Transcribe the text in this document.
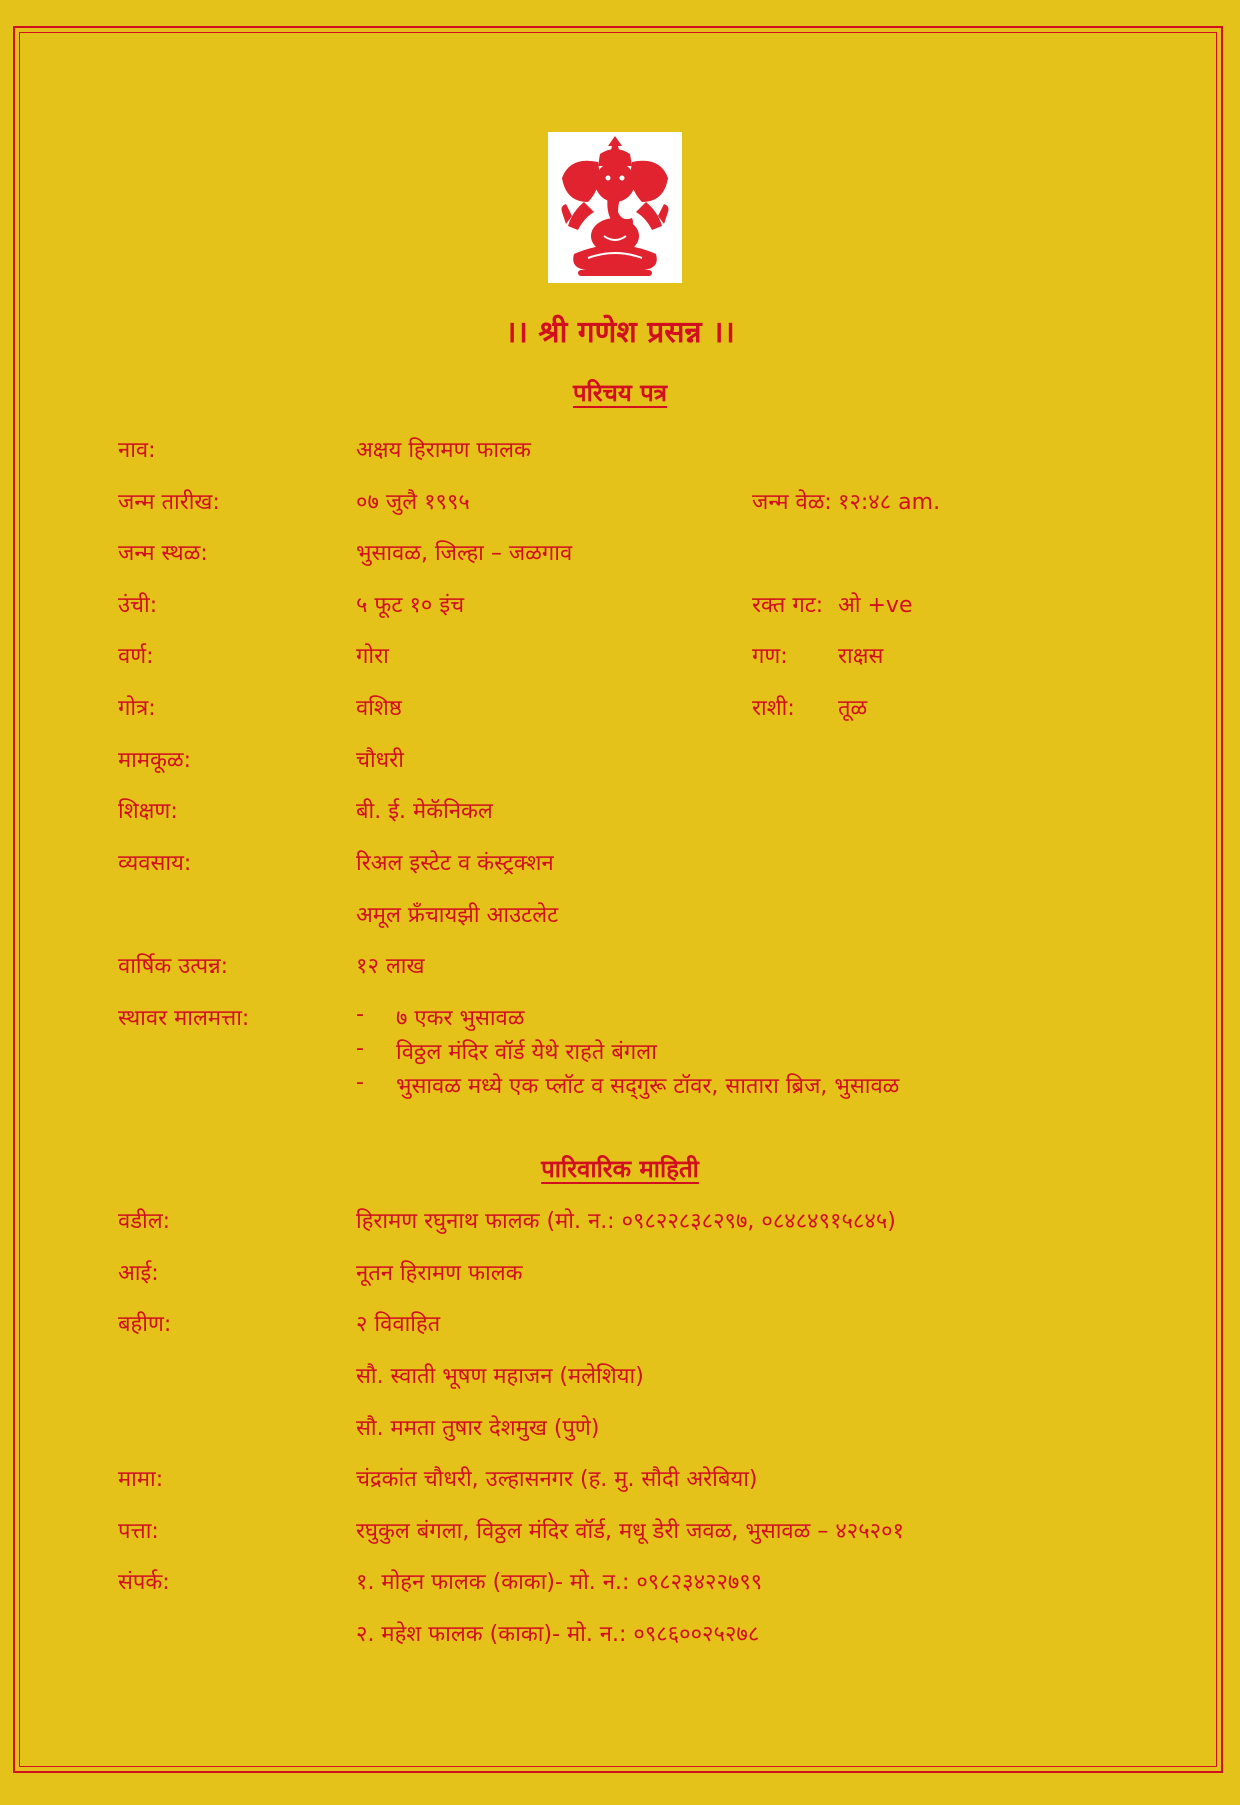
।। श्री गणेश प्रसन्न ।।
परिचय पत्र
नाव:	अक्षय हिरामण फालक
जन्म तारीख:	०७ जुलै १९९५	जन्म वेळ: १२:४८ am.
जन्म स्थळ:	भुसावळ, जिल्हा – जळगाव
उंची:	५ फूट १० इंच	रक्त गट: ओ +ve
वर्ण:	गोरा	गण: राक्षस
गोत्र:	वशिष्ठ	राशी: तूळ
मामकूळ:	चौधरी
शिक्षण:	बी. ई. मेकॅनिकल
व्यवसाय:	रिअल इस्टेट व कंस्ट्रक्शन
अमूल फ्रँचायझी आउटलेट
वार्षिक उत्पन्न:	१२ लाख
स्थावर मालमत्ता:	- ७ एकर भुसावळ
- विठ्ठल मंदिर वॉर्ड येथे राहते बंगला
- भुसावळ मध्ये एक प्लॉट व सद्‌गुरू टॉवर, सातारा ब्रिज, भुसावळ
पारिवारिक माहिती
वडील:	हिरामण रघुनाथ फालक (मो. न.: ०९८२२८३८२९७, ०८४८४९१५८४५)
आई:	नूतन हिरामण फालक
बहीण:	२ विवाहित
सौ. स्वाती भूषण महाजन (मलेशिया)
सौ. ममता तुषार देशमुख (पुणे)
मामा:	चंद्रकांत चौधरी, उल्हासनगर (ह. मु. सौदी अरेबिया)
पत्ता:	रघुकुल बंगला, विठ्ठल मंदिर वॉर्ड, मधू डेरी जवळ, भुसावळ – ४२५२०१
संपर्क:	१. मोहन फालक (काका)- मो. न.: ०९८२३४२२७९९
२. महेश फालक (काका)- मो. न.: ०९८६००२५२७८
